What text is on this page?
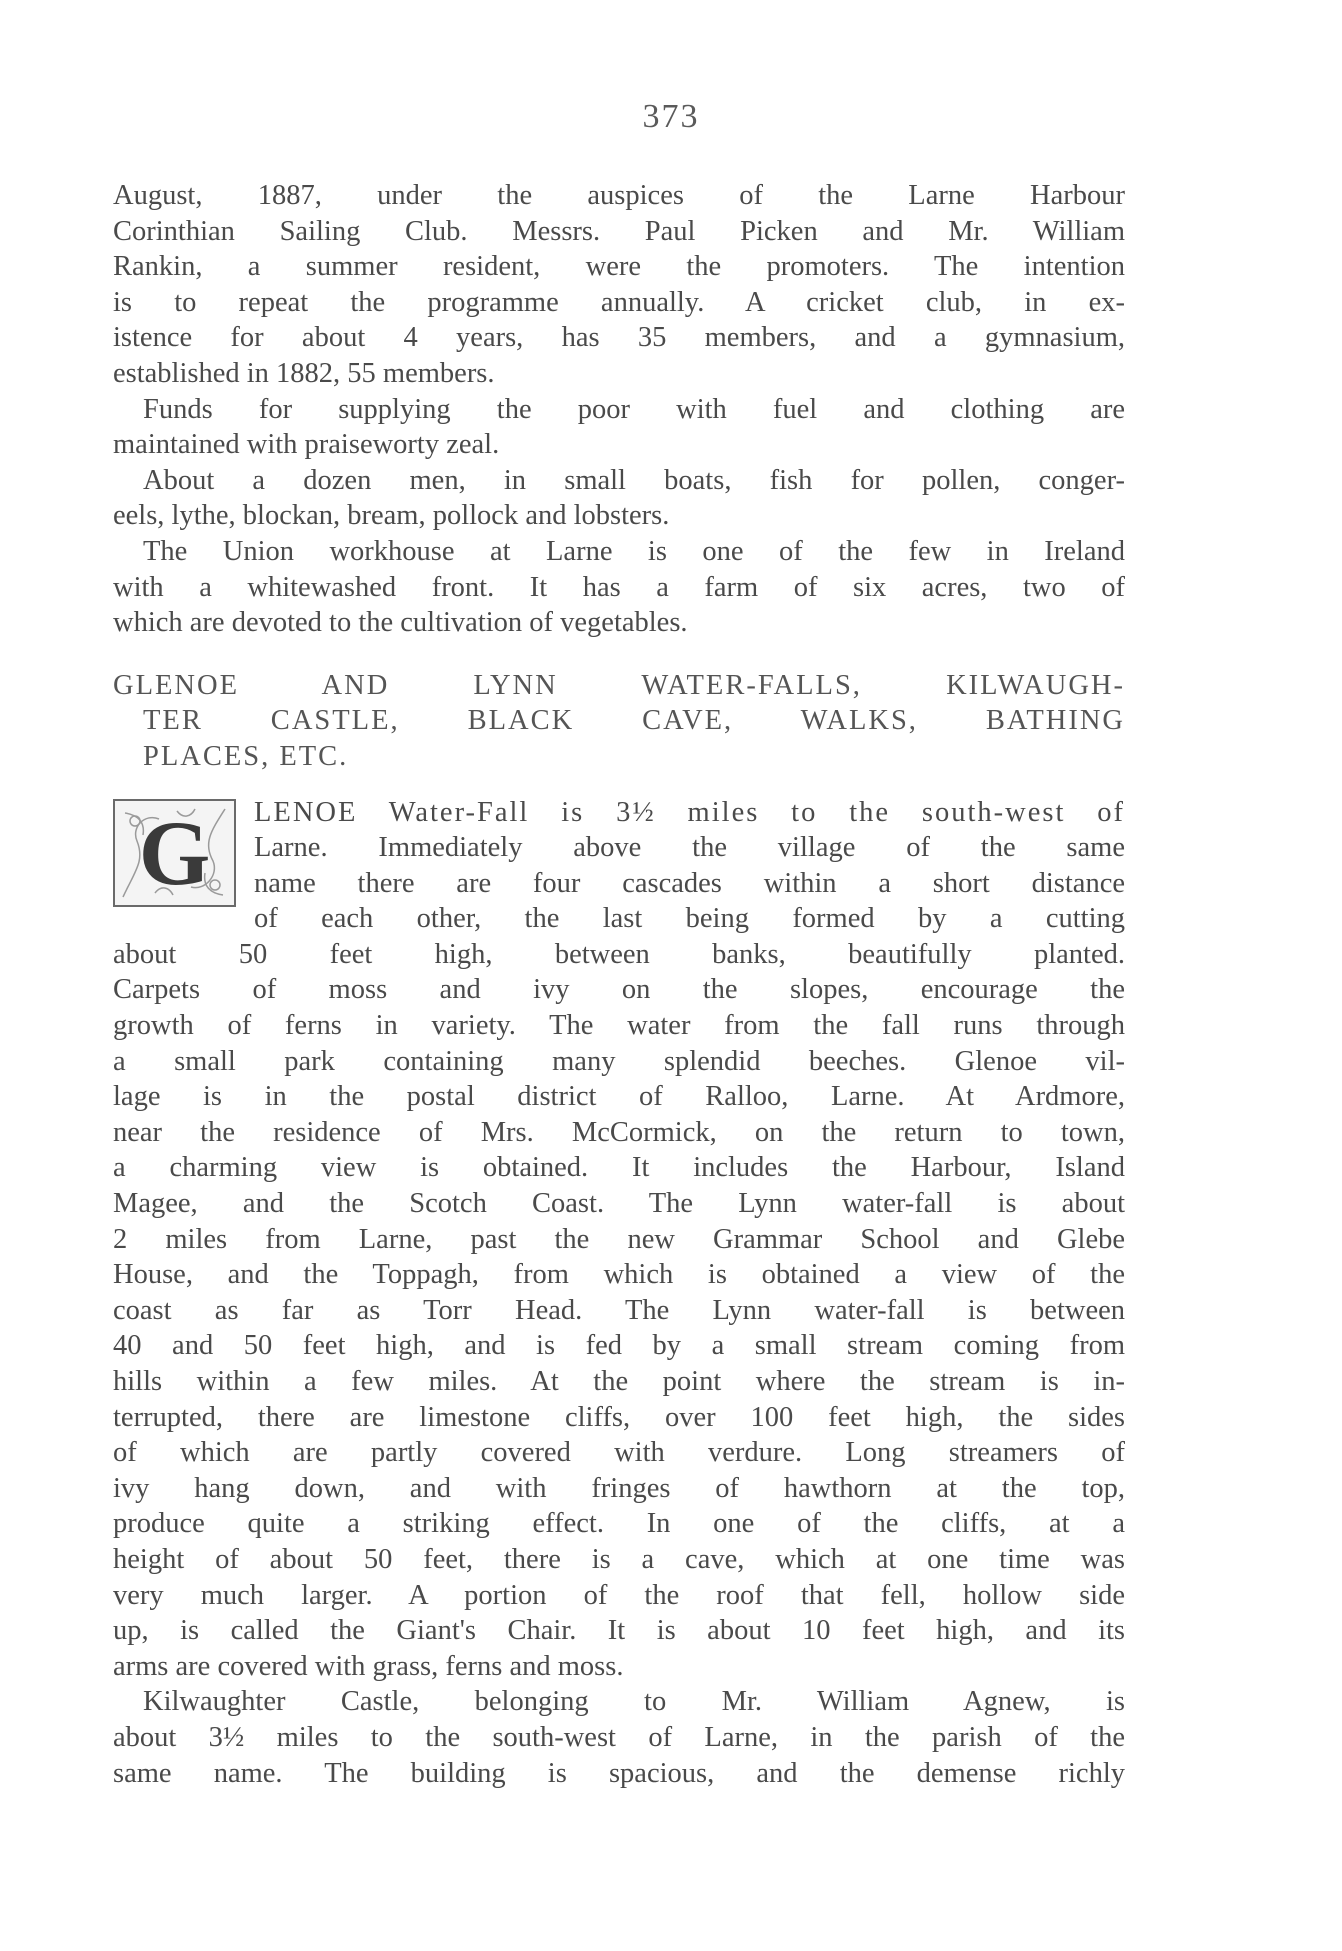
373
August, 1887, under the auspices of the Larne Harbour
Corinthian Sailing Club. Messrs. Paul Picken and Mr. William
Rankin, a summer resident, were the promoters. The intention
is to repeat the programme annually. A cricket club, in ex-
istence for about 4 years, has 35 members, and a gymnasium,
established in 1882, 55 members.
Funds for supplying the poor with fuel and clothing are
maintained with praiseworty zeal.
About a dozen men, in small boats, fish for pollen, conger-
eels, lythe, blockan, bream, pollock and lobsters.
The Union workhouse at Larne is one of the few in Ireland
with a whitewashed front. It has a farm of six acres, two of
which are devoted to the cultivation of vegetables.
GLENOE AND LYNN WATER-FALLS, KILWAUGH-
TER CASTLE, BLACK CAVE, WALKS, BATHING
PLACES, ETC.
G	LENOE Water-Fall is 3½ miles to the south-west of
Larne. Immediately above the village of the same
name there are four cascades within a short distance
of each other, the last being formed by a cutting
about 50 feet high, between banks, beautifully planted.
Carpets of moss and ivy on the slopes, encourage the
growth of ferns in variety. The water from the fall runs through
a small park containing many splendid beeches. Glenoe vil-
lage is in the postal district of Ralloo, Larne. At Ardmore,
near the residence of Mrs. McCormick, on the return to town,
a charming view is obtained. It includes the Harbour, Island
Magee, and the Scotch Coast. The Lynn water-fall is about
2 miles from Larne, past the new Grammar School and Glebe
House, and the Toppagh, from which is obtained a view of the
coast as far as Torr Head. The Lynn water-fall is between
40 and 50 feet high, and is fed by a small stream coming from
hills within a few miles. At the point where the stream is in-
terrupted, there are limestone cliffs, over 100 feet high, the sides
of which are partly covered with verdure. Long streamers of
ivy hang down, and with fringes of hawthorn at the top,
produce quite a striking effect. In one of the cliffs, at a
height of about 50 feet, there is a cave, which at one time was
very much larger. A portion of the roof that fell, hollow side
up, is called the Giant's Chair. It is about 10 feet high, and its
arms are covered with grass, ferns and moss.
Kilwaughter Castle, belonging to Mr. William Agnew, is
about 3½ miles to the south-west of Larne, in the parish of the
same name. The building is spacious, and the demense richly
